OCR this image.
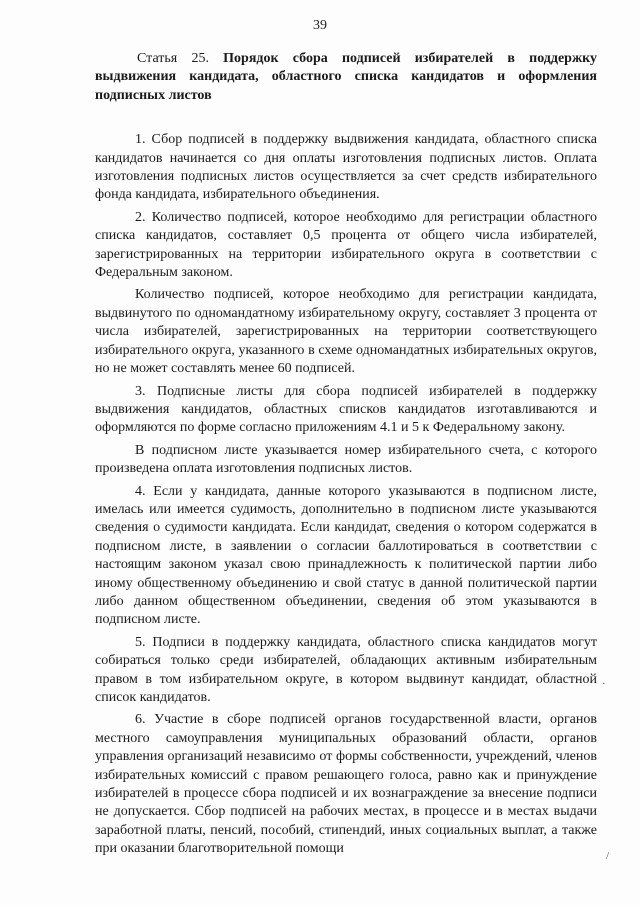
39

Статья 25. Порядок сбора подписей избирателей в поддержку выдвижения кандидата, областного списка кандидатов и оформления подписных листов

1. Сбор подписей в поддержку выдвижения кандидата, областного списка кандидатов начинается со дня оплаты изготовления подписных листов. Оплата изготовления подписных листов осуществляется за счет средств избирательного фонда кандидата, избирательного объединения.

2. Количество подписей, которое необходимо для регистрации областного списка кандидатов, составляет 0,5 процента от общего числа избирателей, зарегистрированных на территории избирательного округа в соответствии с Федеральным законом.

Количество подписей, которое необходимо для регистрации кандидата, выдвинутого по одномандатному избирательному округу, составляет 3 процента от числа избирателей, зарегистрированных на территории соответствующего избирательного округа, указанного в схеме одномандатных избирательных округов, но не может составлять менее 60 подписей.

3. Подписные листы для сбора подписей избирателей в поддержку выдвижения кандидатов, областных списков кандидатов изготавливаются и оформляются по форме согласно приложениям 4.1 и 5 к Федеральному закону.

В подписном листе указывается номер избирательного счета, с которого произведена оплата изготовления подписных листов.

4. Если у кандидата, данные которого указываются в подписном листе, имелась или имеется судимость, дополнительно в подписном листе указываются сведения о судимости кандидата. Если кандидат, сведения о котором содержатся в подписном листе, в заявлении о согласии баллотироваться в соответствии с настоящим законом указал свою принадлежность к политической партии либо иному общественному объединению и свой статус в данной политической партии либо данном общественном объединении, сведения об этом указываются в подписном листе.

5. Подписи в поддержку кандидата, областного списка кандидатов могут собираться только среди избирателей, обладающих активным избирательным правом в том избирательном округе, в котором выдвинут кандидат, областной список кандидатов.

6. Участие в сборе подписей органов государственной власти, органов местного самоуправления муниципальных образований области, органов управления организаций независимо от формы собственности, учреждений, членов избирательных комиссий с правом решающего голоса, равно как и принуждение избирателей в процессе сбора подписей и их вознаграждение за внесение подписи не допускается. Сбор подписей на рабочих местах, в процессе и в местах выдачи заработной платы, пенсий, пособий, стипендий, иных социальных выплат, а также при оказании благотворительной помощи

·
/
